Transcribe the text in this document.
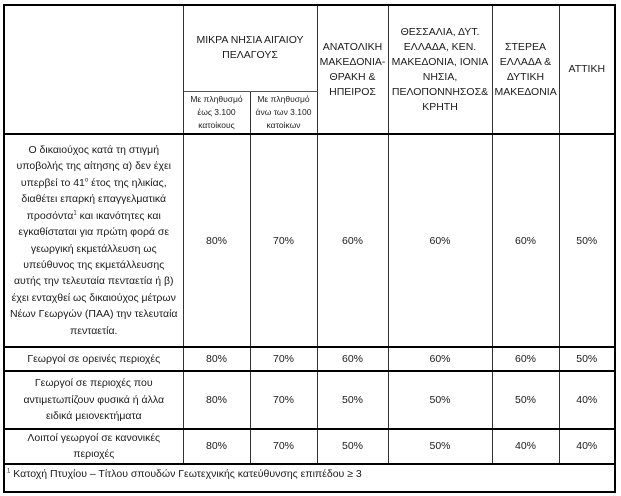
	ΜΙΚΡΑ ΝΗΣΙΑ ΑΙΓΑΙΟΥ ΠΕΛΑΓΟΥΣ		ΑΝΑΤΟΛΙΚΗ ΜΑΚΕΔΟΝΙΑ-ΘΡΑΚΗ & ΗΠΕΙΡΟΣ	ΘΕΣΣΑΛΙΑ, ΔΥΤ. ΕΛΛΑΔΑ, ΚΕΝ. ΜΑΚΕΔΟΝΙΑ, ΙΟΝΙΑ ΝΗΣΙΑ, ΠΕΛΟΠΟΝΝΗΣΟΣ& ΚΡΗΤΗ	ΣΤΕΡΕΑ ΕΛΛΑΔΑ & ΔΥΤΙΚΗ ΜΑΚΕΔΟΝΙΑ	ΑΤΤΙΚΗ
	Με πληθυσμό έως 3.100 κατοίκους	Με πληθυσμό άνω των 3.100 κατοίκων				
Ο δικαιούχος κατά τη στιγμή υποβολής της αίτησης α) δεν έχει υπερβεί το $41^o$ έτος της ηλικίας, διαθέτει επαρκή επαγγελματικά προσόντα$^1$ και ικανότητες και εγκαθίσταται για πρώτη φορά σε γεωργική εκμετάλλευση ως υπεύθυνος της εκμετάλλευσης αυτής την τελευταία πενταετία ή β) έχει ενταχθεί ως δικαιούχος μέτρων Νέων Γεωργών (ΠΑΑ) την τελευταία πενταετία.	80%	70%	60%	60%	60%	50%
Γεωργοί σε ορεινές περιοχές	80%	70%	60%	60%	60%	50%
Γεωργοί σε περιοχές που αντιμετωπίζουν φυσικά ή άλλα ειδικά μειονεκτήματα	80%	70%	50%	50%	50%	40%
Λοιποί γεωργοί σε κανονικές περιοχές	80%	70%	50%	50%	40%	40%
$^1$ Κατοχή Πτυχίου – Τίτλου σπουδών Γεωτεχνικής κατεύθυνσης επιπέδου ≥ 3						
